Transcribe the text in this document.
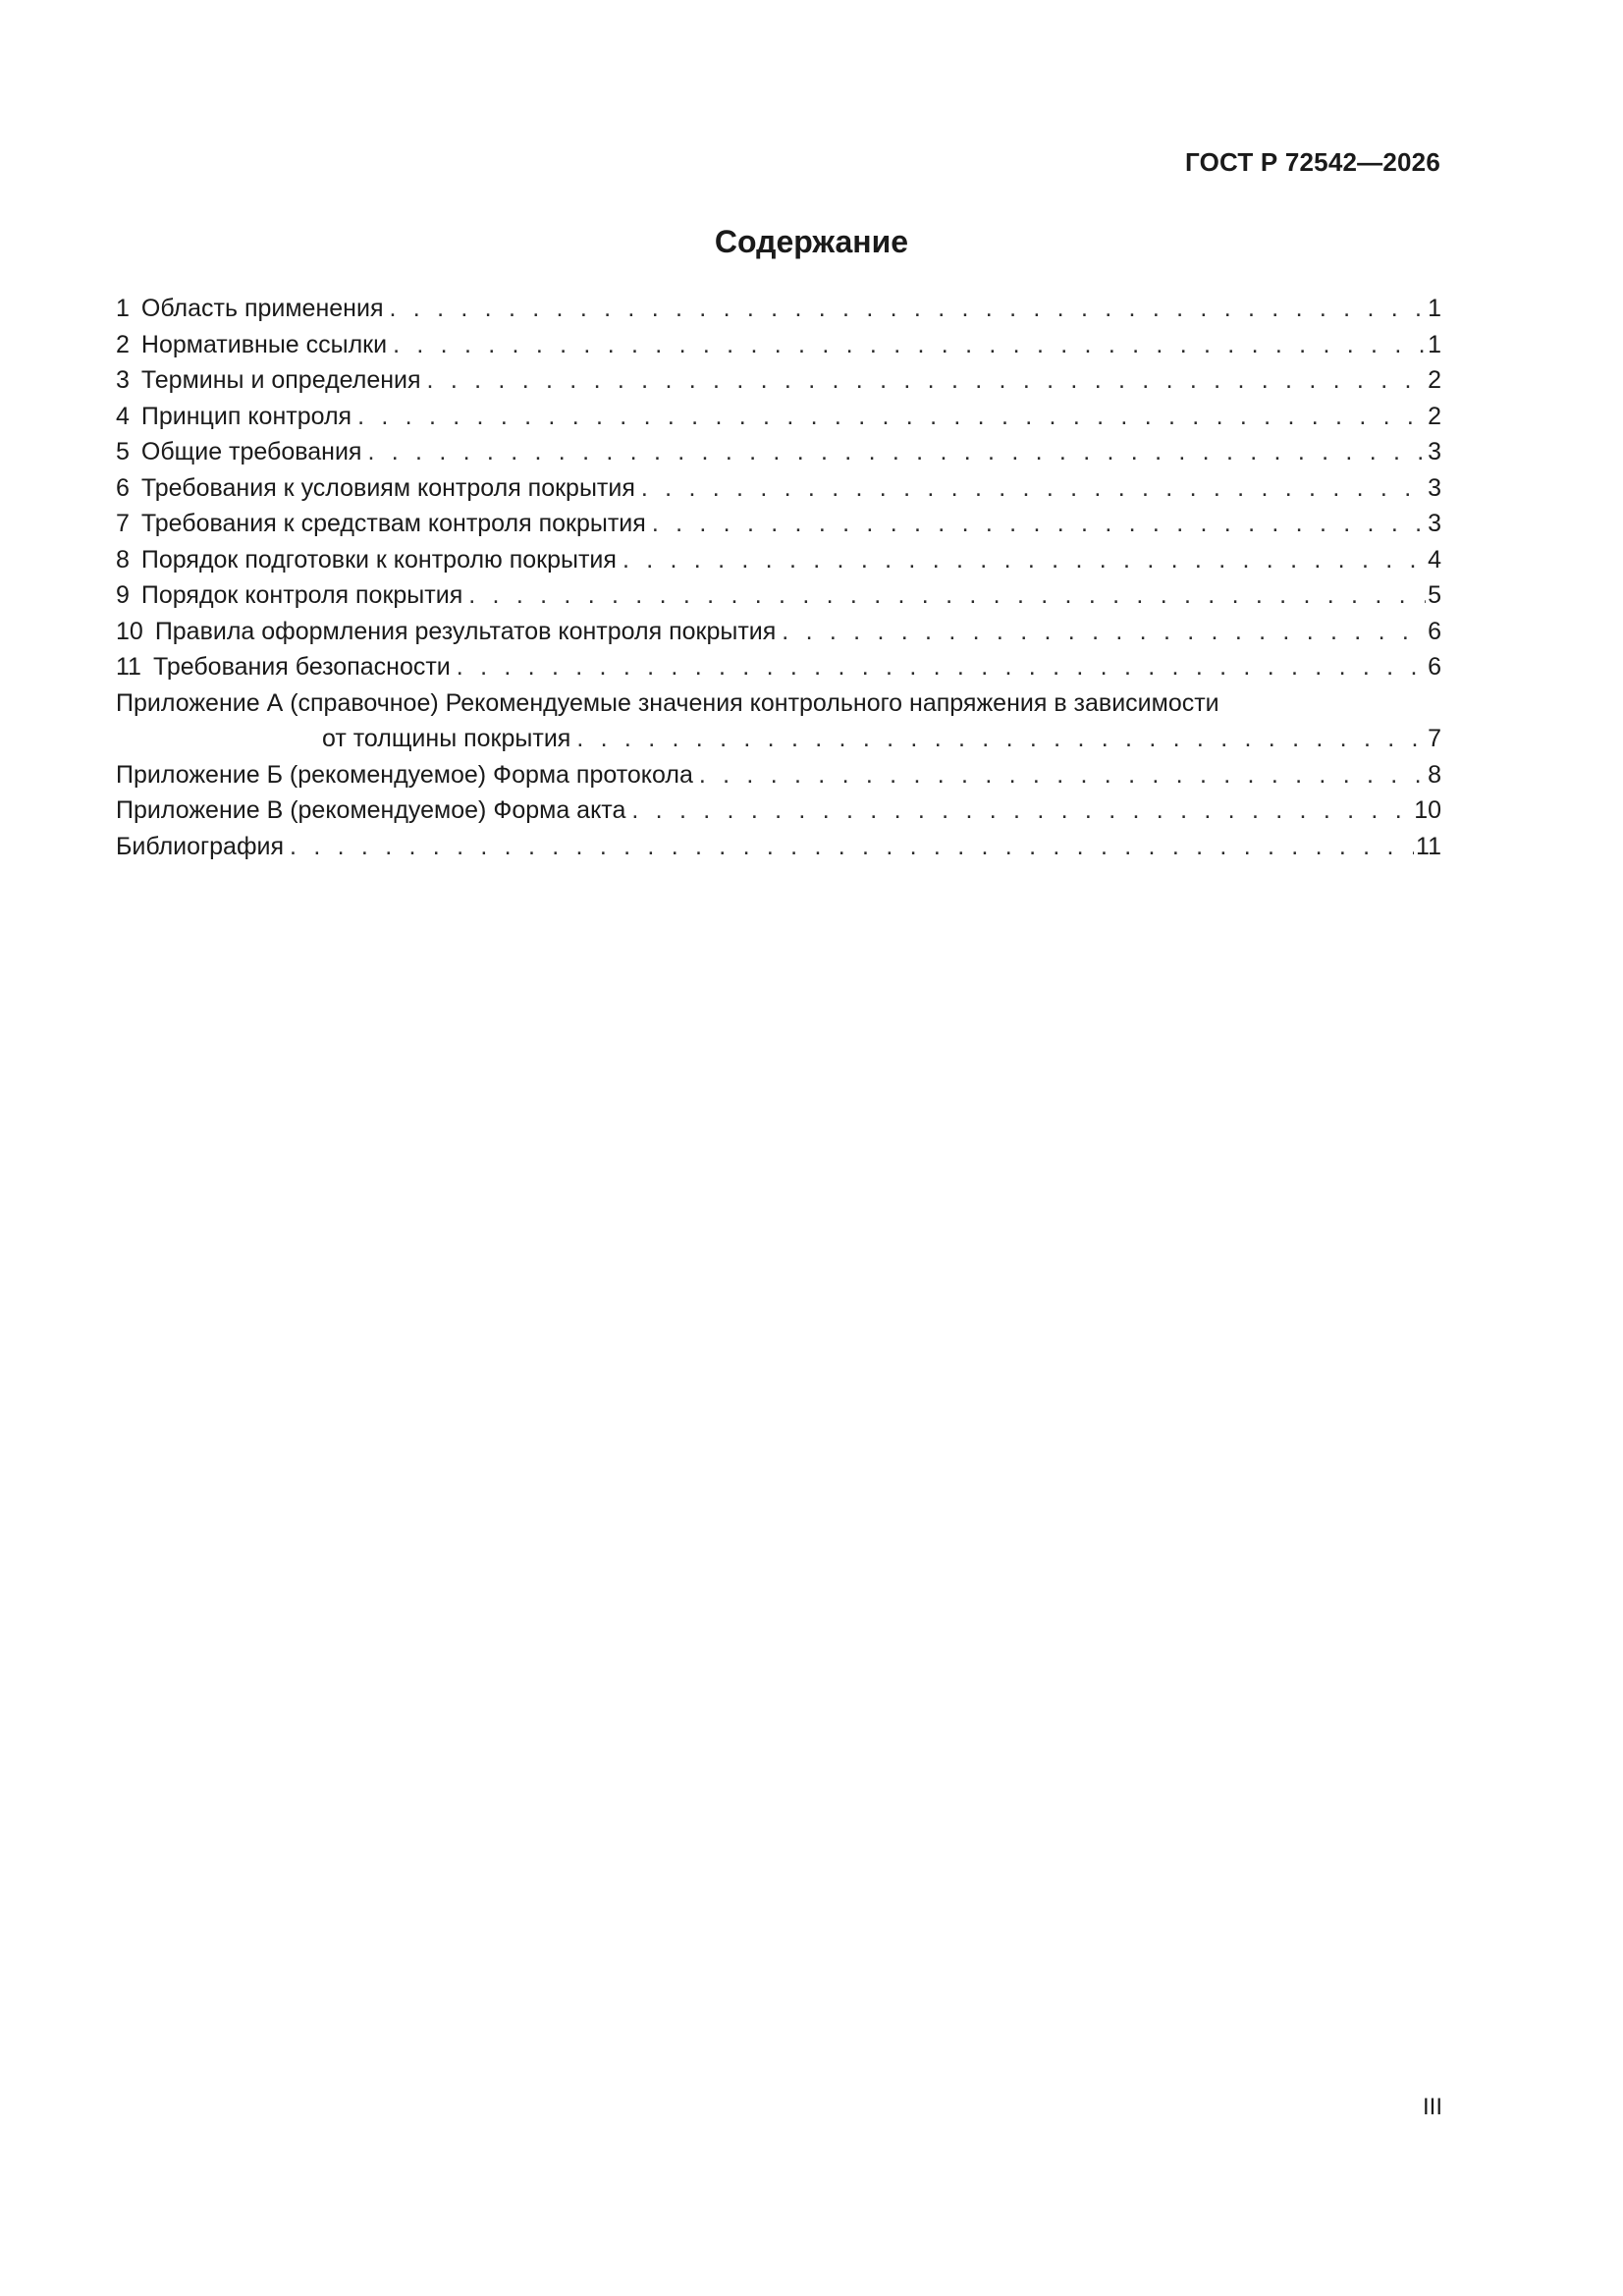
ГОСТ Р 72542—2026
Содержание
1 Область применения . . .	1
2 Нормативные ссылки . . .	1
3 Термины и определения . . .	2
4 Принцип контроля . . .	2
5 Общие требования . . .	3
6 Требования к условиям контроля покрытия . . .	3
7 Требования к средствам контроля покрытия . . .	3
8 Порядок подготовки к контролю покрытия . . .	4
9 Порядок контроля покрытия . . .	5
10 Правила оформления результатов контроля покрытия . . .	6
11 Требования безопасности . . .	6
Приложение А (справочное) Рекомендуемые значения контрольного напряжения в зависимости
от толщины покрытия . . .	7
Приложение Б (рекомендуемое) Форма протокола . . .	8
Приложение В (рекомендуемое) Форма акта . . .	10
Библиография . . .	11
III
